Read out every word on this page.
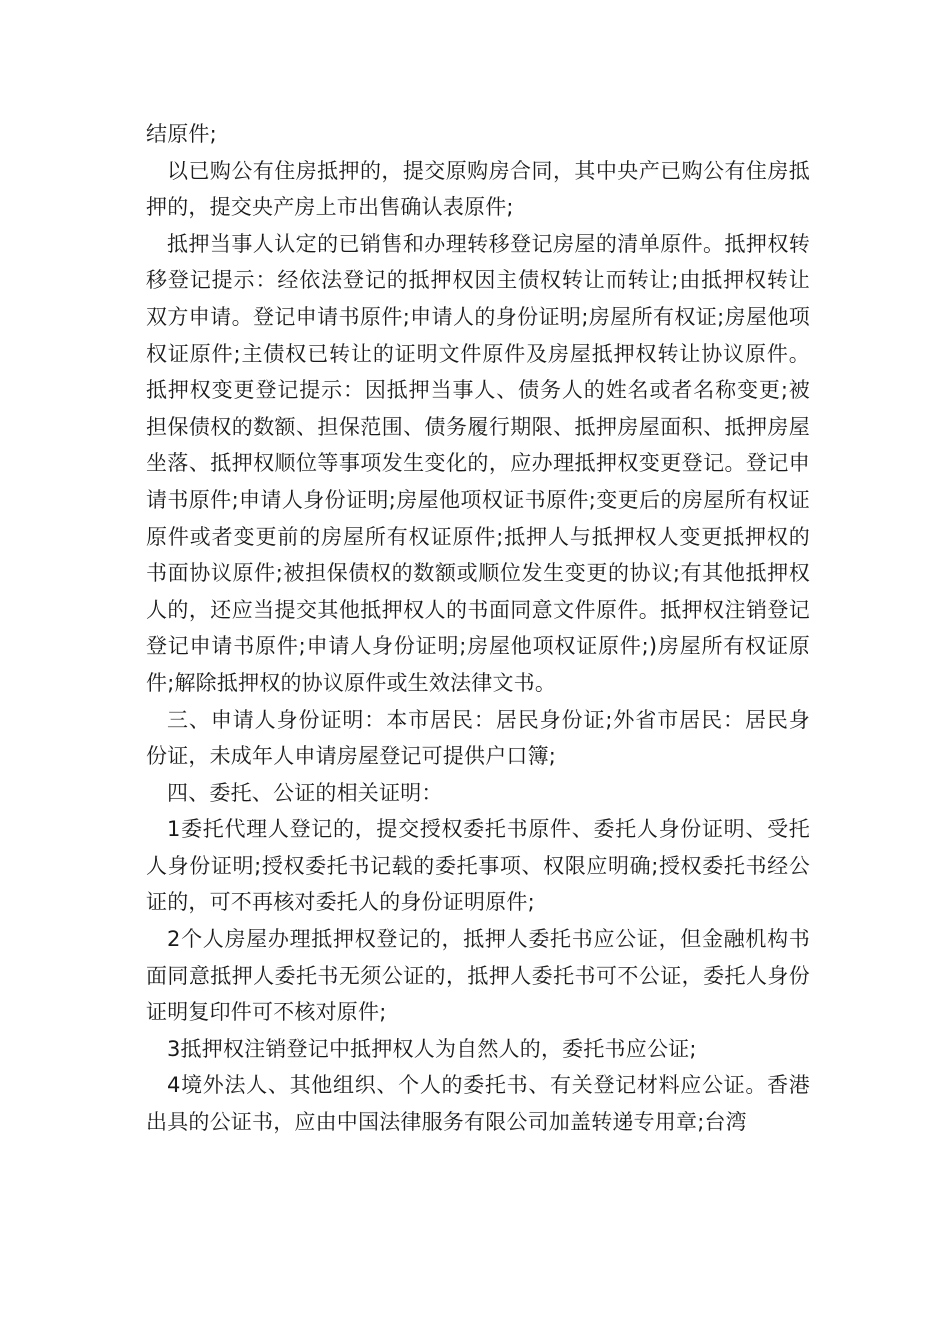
结原件;

以已购公有住房抵押的，提交原购房合同，其中央产已购公有住房抵押的，提交央产房上市出售确认表原件;

抵押当事人认定的已销售和办理转移登记房屋的清单原件。抵押权转移登记提示：经依法登记的抵押权因主债权转让而转让;由抵押权转让双方申请。登记申请书原件;申请人的身份证明;房屋所有权证;房屋他项权证原件;主债权已转让的证明文件原件及房屋抵押权转让协议原件。抵押权变更登记提示：因抵押当事人、债务人的姓名或者名称变更;被担保债权的数额、担保范围、债务履行期限、抵押房屋面积、抵押房屋坐落、抵押权顺位等事项发生变化的，应办理抵押权变更登记。登记申请书原件;申请人身份证明;房屋他项权证书原件;变更后的房屋所有权证原件或者变更前的房屋所有权证原件;抵押人与抵押权人变更抵押权的书面协议原件;被担保债权的数额或顺位发生变更的协议;有其他抵押权人的，还应当提交其他抵押权人的书面同意文件原件。抵押权注销登记登记申请书原件;申请人身份证明;房屋他项权证原件;)房屋所有权证原件;解除抵押权的协议原件或生效法律文书。

三、申请人身份证明：本市居民：居民身份证;外省市居民：居民身份证，未成年人申请房屋登记可提供户口簿;

四、委托、公证的相关证明：

1委托代理人登记的，提交授权委托书原件、委托人身份证明、受托人身份证明;授权委托书记载的委托事项、权限应明确;授权委托书经公证的，可不再核对委托人的身份证明原件;

2个人房屋办理抵押权登记的，抵押人委托书应公证，但金融机构书面同意抵押人委托书无须公证的，抵押人委托书可不公证，委托人身份证明复印件可不核对原件;

3抵押权注销登记中抵押权人为自然人的，委托书应公证;

4境外法人、其他组织、个人的委托书、有关登记材料应公证。香港出具的公证书，应由中国法律服务有限公司加盖转递专用章;台湾
